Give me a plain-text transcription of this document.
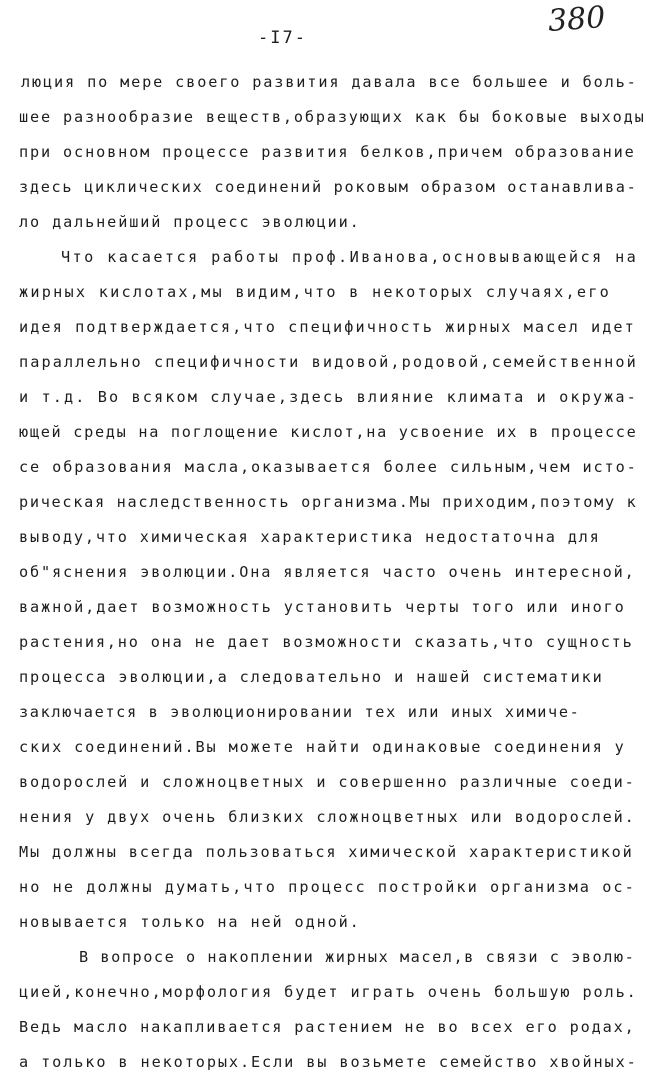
-I7-	380
люция по мере своего развития давала все большее и боль-
шее разнообразие веществ,образующих как бы боковые выходы
при основном процессе развития белков,причем образование
здесь циклических соединений роковым образом останавлива-
ло дальнейший процесс эволюции.
Что касается работы проф.Иванова,основывающейся на
жирных кислотах,мы видим,что в некоторых случаях,его
идея подтверждается,что специфичность жирных масел идет
параллельно специфичности видовой,родовой,семейственной
и т.д. Во всяком случае,здесь влияние климата и окружа-
ющей среды на поглощение кислот,на усвоение их в процессе
се образования масла,оказывается более сильным,чем исто-
рическая наследственность организма.Мы приходим,поэтому к
выводу,что химическая характеристика недостаточна для
об"яснения эволюции.Она является часто очень интересной,
важной,дает возможность установить черты того или иного
растения,но она не дает возможности сказать,что сущность
процесса эволюции,а следовательно и нашей систематики
заключается в эволюционировании тех или иных химиче-
ских соединений.Вы можете найти одинаковые соединения у
водорослей и сложноцветных и совершенно различные соеди-
нения у двух очень близких сложноцветных или водорослей.
Мы должны всегда пользоваться химической характеристикой
но не должны думать,что процесс постройки организма ос-
новывается только на ней одной.
В вопросе о накоплении жирных масел,в связи с эволю-
цией,конечно,морфология будет играть очень большую роль.
Ведь масло накапливается растением не во всех его родах,
а только в некоторых.Если вы возьмете семейство хвойных-
